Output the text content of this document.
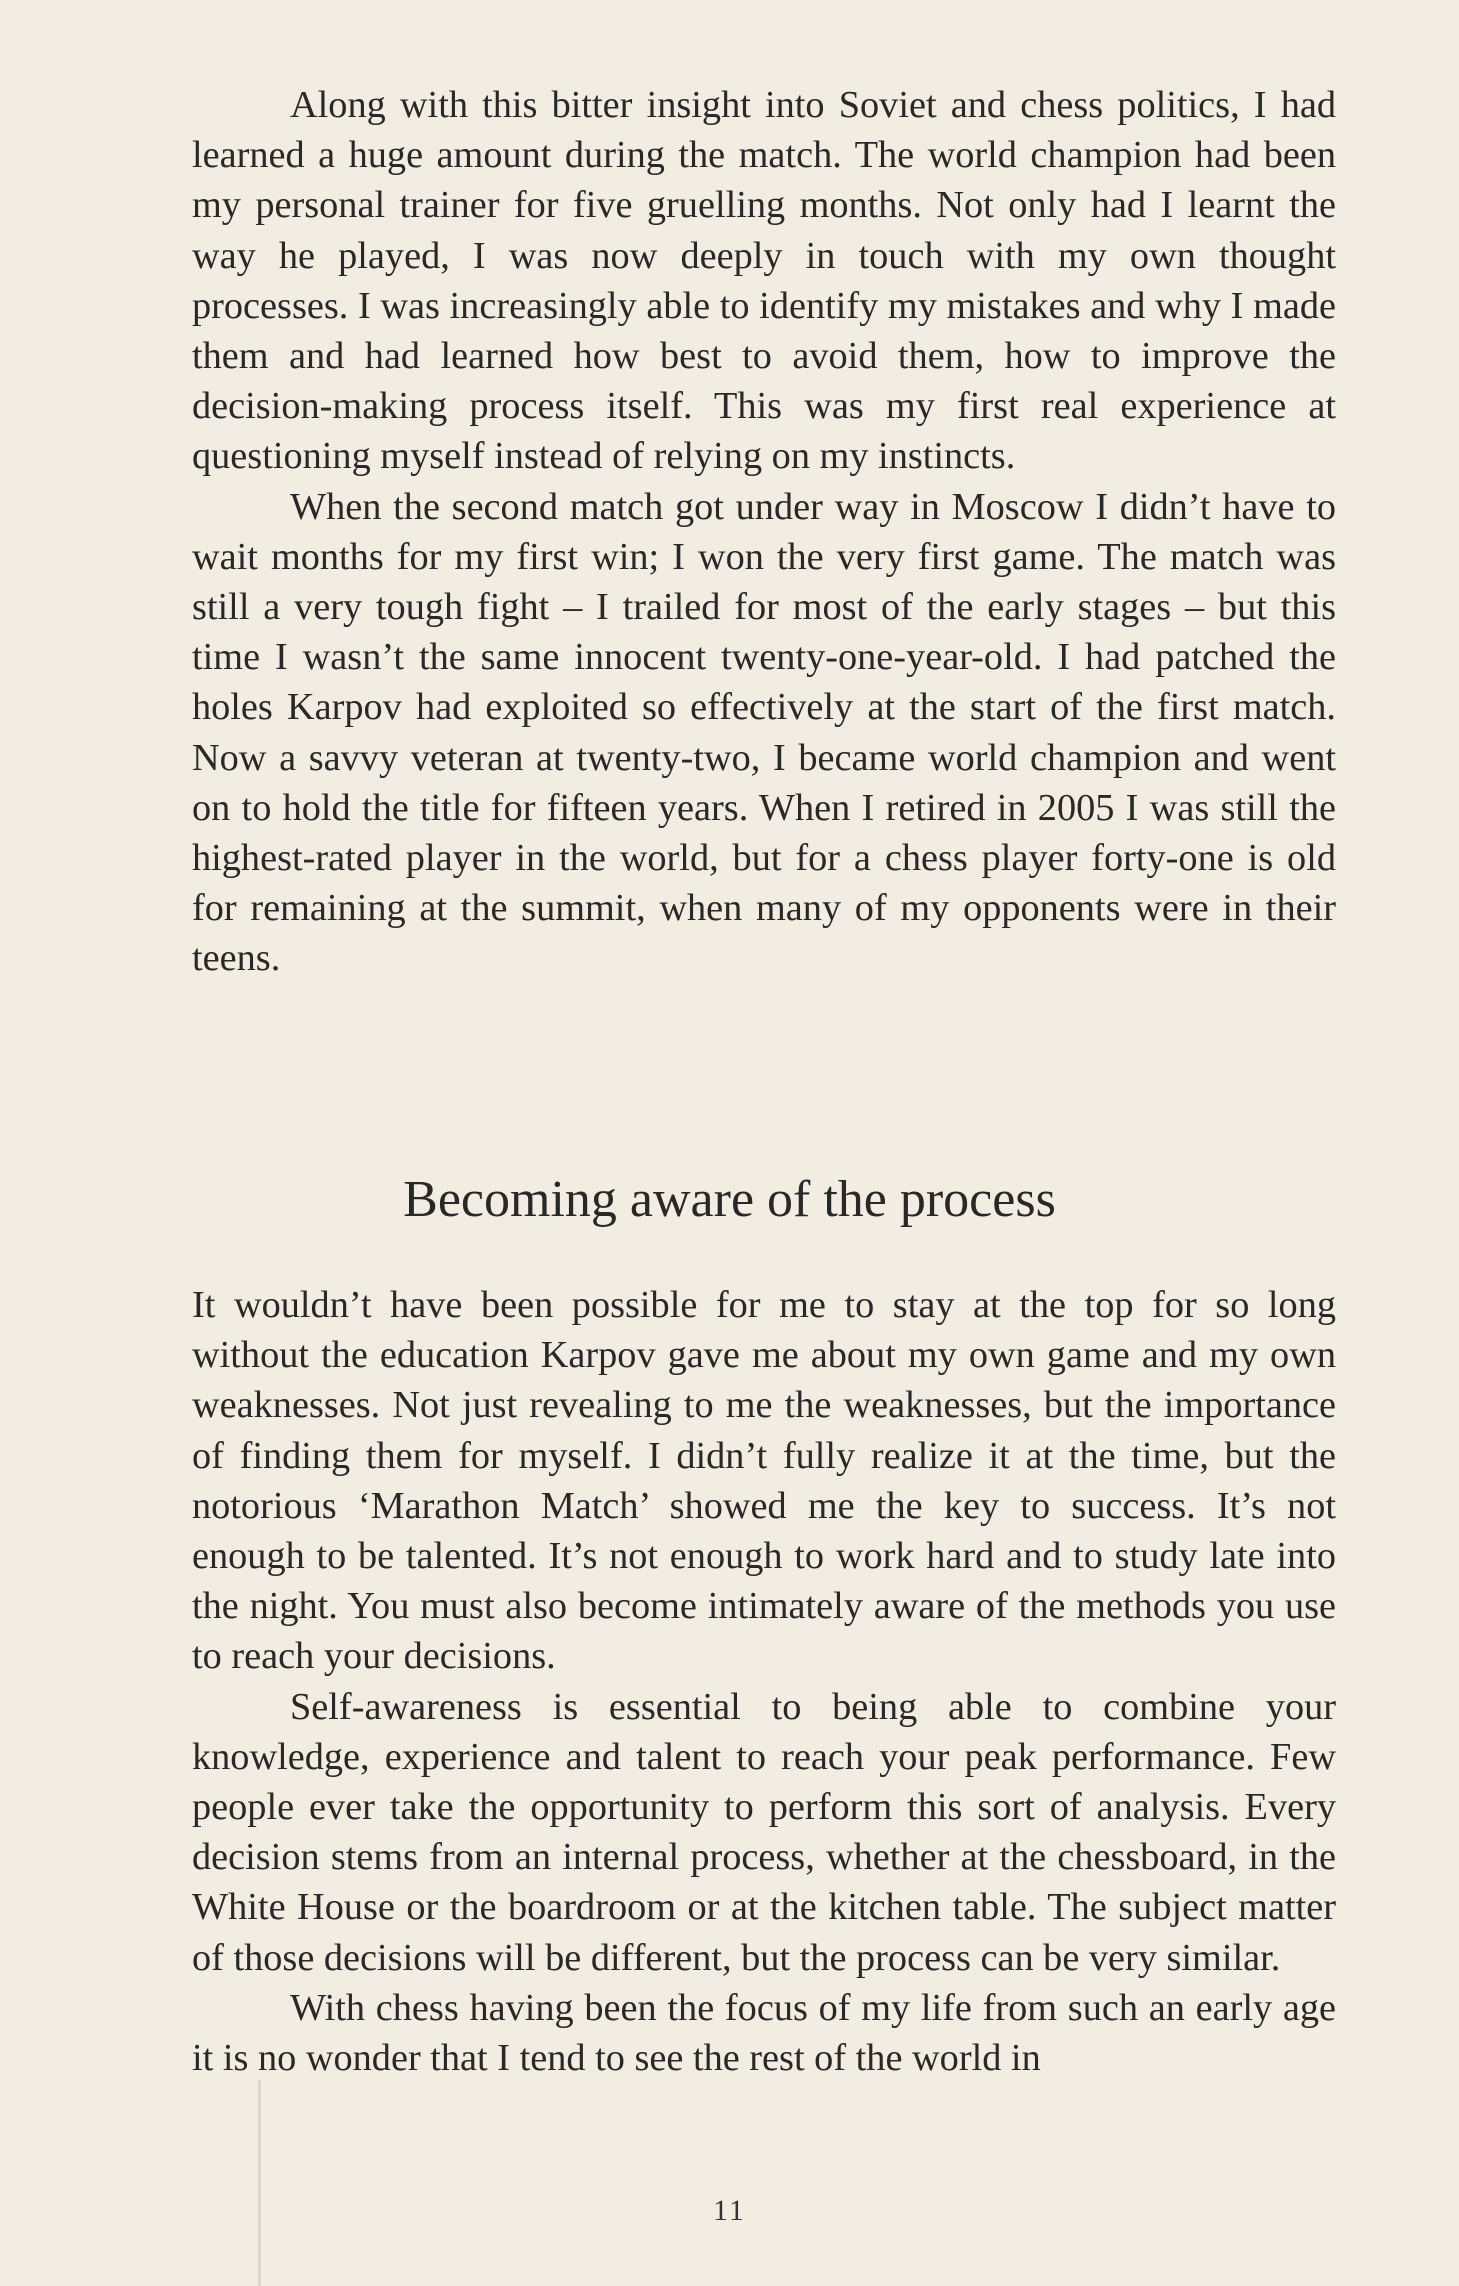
Along with this bitter insight into Soviet and chess politics, I had learned a huge amount during the match. The world champion had been my personal trainer for five gruelling months. Not only had I learnt the way he played, I was now deeply in touch with my own thought processes. I was increasingly able to identify my mistakes and why I made them and had learned how best to avoid them, how to improve the decision-making process itself. This was my first real experience at questioning myself instead of relying on my instincts.

When the second match got under way in Moscow I didn’t have to wait months for my first win; I won the very first game. The match was still a very tough fight – I trailed for most of the early stages – but this time I wasn’t the same innocent twenty-one-year-old. I had patched the holes Karpov had exploited so effectively at the start of the first match. Now a savvy veteran at twenty-two, I became world champion and went on to hold the title for fifteen years. When I retired in 2005 I was still the highest-rated player in the world, but for a chess player forty-one is old for remaining at the summit, when many of my opponents were in their teens.

Becoming aware of the process

It wouldn’t have been possible for me to stay at the top for so long without the education Karpov gave me about my own game and my own weaknesses. Not just revealing to me the weaknesses, but the importance of finding them for myself. I didn’t fully realize it at the time, but the notorious ‘Marathon Match’ showed me the key to success. It’s not enough to be talented. It’s not enough to work hard and to study late into the night. You must also become intimately aware of the methods you use to reach your decisions.

Self-awareness is essential to being able to combine your knowledge, experience and talent to reach your peak performance. Few people ever take the opportunity to perform this sort of analysis. Every decision stems from an internal process, whether at the chessboard, in the White House or the boardroom or at the kitchen table. The subject matter of those decisions will be different, but the process can be very similar.

With chess having been the focus of my life from such an early age it is no wonder that I tend to see the rest of the world in

11
